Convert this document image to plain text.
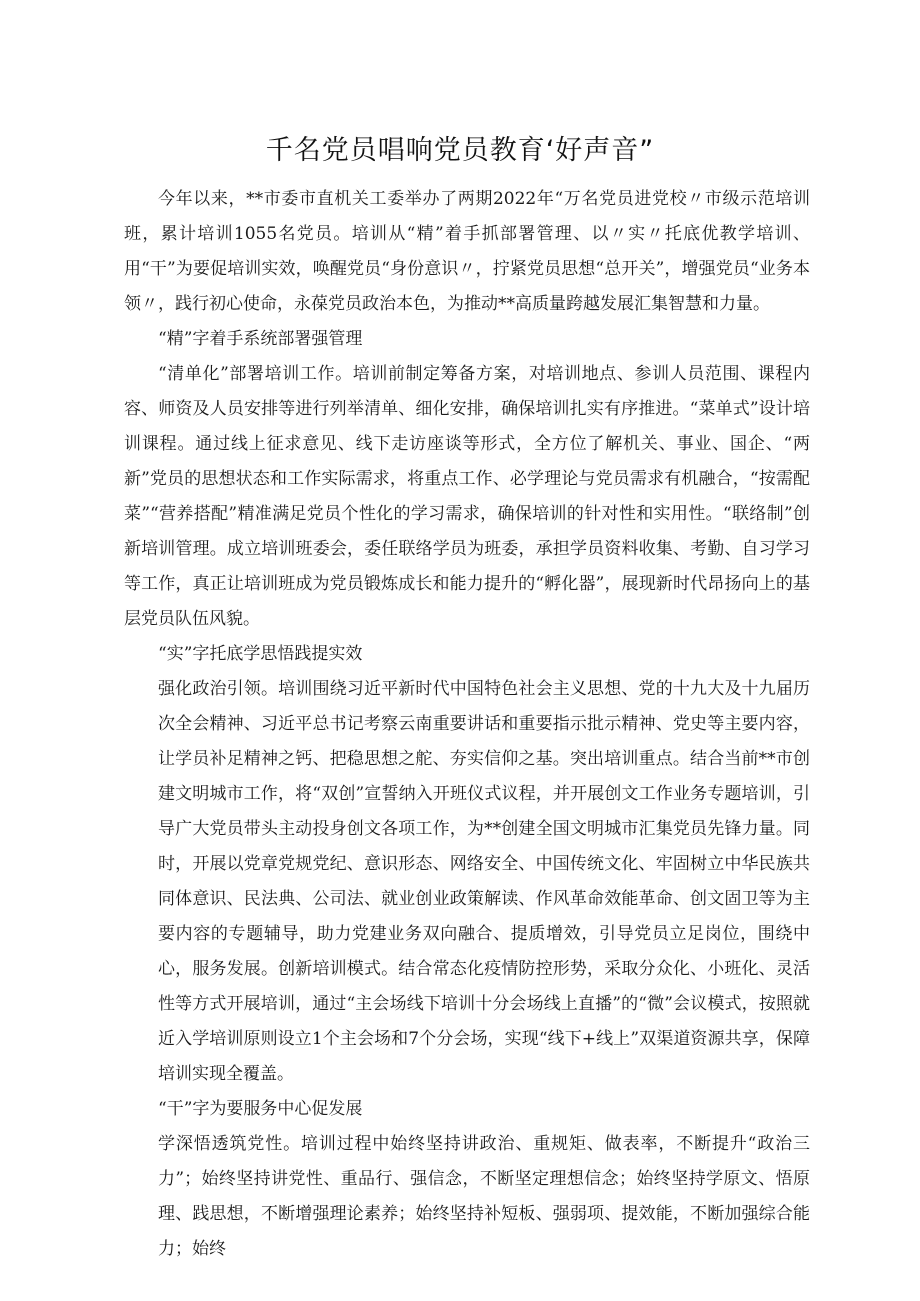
千名党员唱响党员教育‘好声音”

今年以来，**市委市直机关工委举办了两期2022年“万名党员进党校〃市级示范培训班，累计培训1055名党员。培训从“精”着手抓部署管理、以〃实〃托底优教学培训、用“干”为要促培训实效，唤醒党员“身份意识〃，拧紧党员思想“总开关”，增强党员“业务本领〃，践行初心使命，永葆党员政治本色，为推动**高质量跨越发展汇集智慧和力量。

“精”字着手系统部署强管理

“清单化”部署培训工作。培训前制定筹备方案，对培训地点、参训人员范围、课程内容、师资及人员安排等进行列举清单、细化安排，确保培训扎实有序推进。“菜单式”设计培训课程。通过线上征求意见、线下走访座谈等形式，全方位了解机关、事业、国企、“两新”党员的思想状态和工作实际需求，将重点工作、必学理论与党员需求有机融合，“按需配菜”“营养搭配”精准满足党员个性化的学习需求，确保培训的针对性和实用性。“联络制”创新培训管理。成立培训班委会，委任联络学员为班委，承担学员资料收集、考勤、自习学习等工作，真正让培训班成为党员锻炼成长和能力提升的“孵化器”，展现新时代昂扬向上的基层党员队伍风貌。

“实”字托底学思悟践提实效

强化政治引领。培训围绕习近平新时代中国特色社会主义思想、党的十九大及十九届历次全会精神、习近平总书记考察云南重要讲话和重要指示批示精神、党史等主要内容，让学员补足精神之钙、把稳思想之舵、夯实信仰之基。突出培训重点。结合当前**市创建文明城市工作，将“双创”宣誓纳入开班仪式议程，并开展创文工作业务专题培训，引导广大党员带头主动投身创文各项工作，为**创建全国文明城市汇集党员先锋力量。同时，开展以党章党规党纪、意识形态、网络安全、中国传统文化、牢固树立中华民族共同体意识、民法典、公司法、就业创业政策解读、作风革命效能革命、创文固卫等为主要内容的专题辅导，助力党建业务双向融合、提质增效，引导党员立足岗位，围绕中心，服务发展。创新培训模式。结合常态化疫情防控形势，采取分众化、小班化、灵活性等方式开展培训，通过“主会场线下培训十分会场线上直播”的“微”会议模式，按照就近入学培训原则设立1个主会场和7个分会场，实现“线下+线上”双渠道资源共享，保障培训实现全覆盖。

“干”字为要服务中心促发展

学深悟透筑党性。培训过程中始终坚持讲政治、重规矩、做表率，不断提升“政治三力”；始终坚持讲党性、重品行、强信念，不断坚定理想信念；始终坚持学原文、悟原理、践思想，不断增强理论素养；始终坚持补短板、强弱项、提效能，不断加强综合能力；始终
